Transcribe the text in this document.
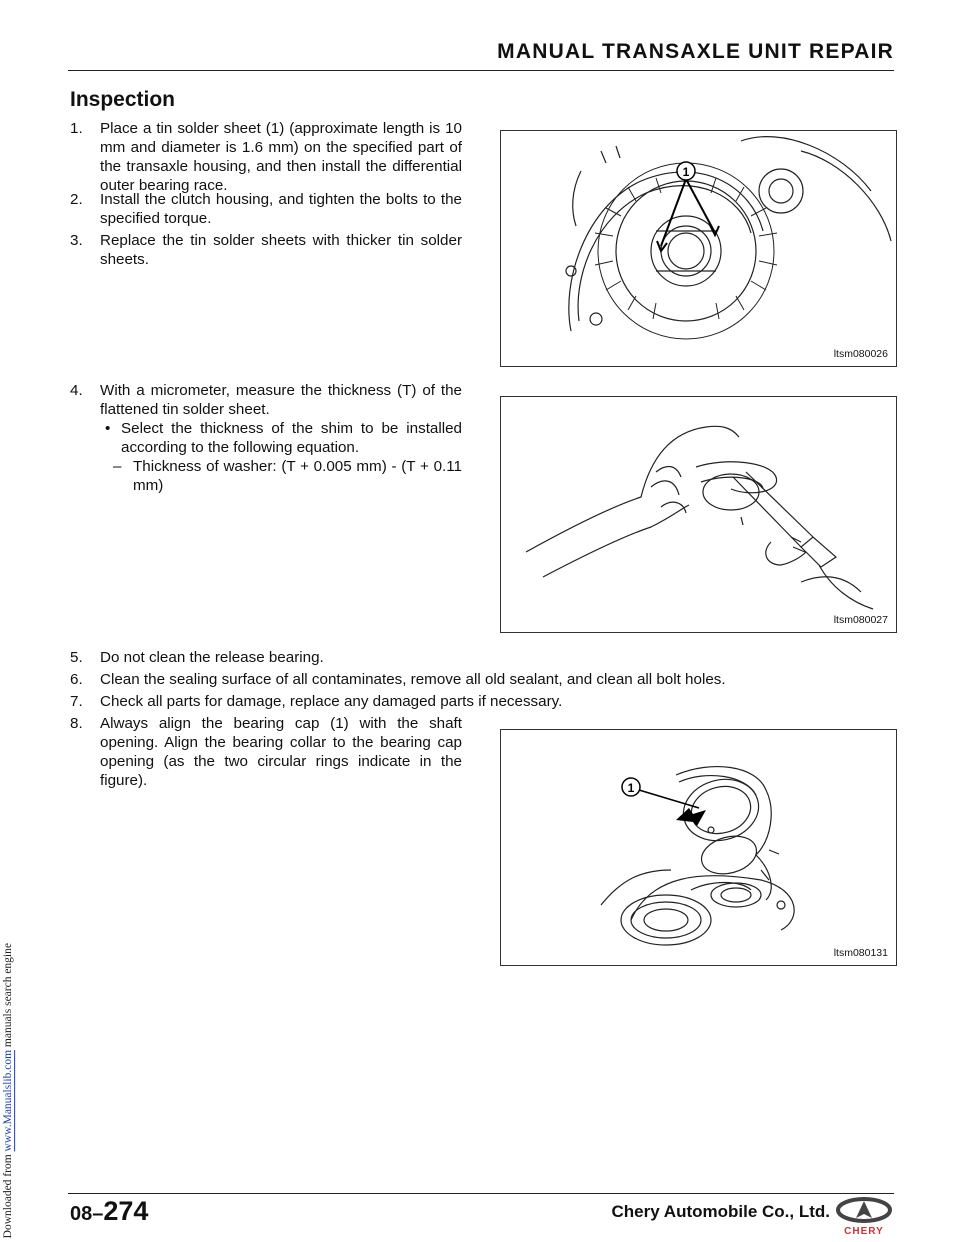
Downloaded from www.Manualslib.com manuals search engine
MANUAL TRANSAXLE UNIT REPAIR
Inspection
1.	Place a tin solder sheet (1) (approximate length is 10 mm and diameter is 1.6 mm) on the specified part of the transaxle housing, and then install the differential outer bearing race.
2.	Install the clutch housing, and tighten the bolts to the specified torque.
3.	Replace the tin solder sheets with thicker tin solder sheets.
1
ltsm080026
4.	With a micrometer, measure the thickness (T) of the flattened tin solder sheet.
• Select the thickness of the shim to be installed according to the following equation.
– Thickness of washer: (T + 0.005 mm) - (T + 0.11 mm)
ltsm080027
5.	Do not clean the release bearing.
6.	Clean the sealing surface of all contaminates, remove all old sealant, and clean all bolt holes.
7.	Check all parts for damage, replace any damaged parts if necessary.
8.	Always align the bearing cap (1) with the shaft opening. Align the bearing collar to the bearing cap opening (as the two circular rings indicate in the figure).	1
ltsm080131
08–274	Chery Automobile Co., Ltd.
CHERY
